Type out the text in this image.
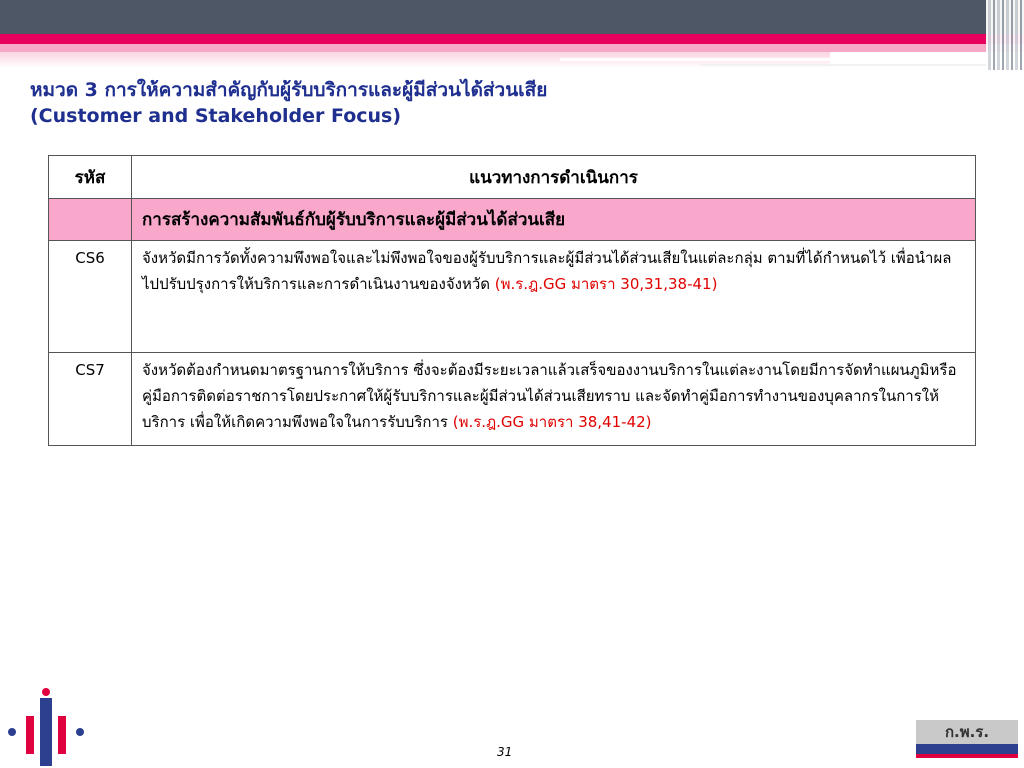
หมวด 3 การให้ความสำคัญกับผู้รับบริการและผู้มีส่วนได้ส่วนเสีย
(Customer and Stakeholder Focus)
รหัส	แนวทางการดำเนินการ
	การสร้างความสัมพันธ์กับผู้รับบริการและผู้มีส่วนได้ส่วนเสีย
CS6	จังหวัดมีการวัดทั้งความพึงพอใจและไม่พึงพอใจของผู้รับบริการและผู้มีส่วนได้ส่วนเสียในแต่ละกลุ่ม ตามที่ได้กำหนดไว้ เพื่อนำผลไปปรับปรุงการให้บริการและการดำเนินงานของจังหวัด (พ.ร.ฎ.GG มาตรา 30,31,38-41)
CS7	จังหวัดต้องกำหนดมาตรฐานการให้บริการ ซึ่งจะต้องมีระยะเวลาแล้วเสร็จของงานบริการในแต่ละงานโดยมีการจัดทำแผนภูมิหรือคู่มือการติดต่อราชการโดยประกาศให้ผู้รับบริการและผู้มีส่วนได้ส่วนเสียทราบ และจัดทำคู่มือการทำงานของบุคลากรในการให้บริการ เพื่อให้เกิดความพึงพอใจในการรับบริการ (พ.ร.ฎ.GG มาตรา 38,41-42)
31
ก.พ.ร.
